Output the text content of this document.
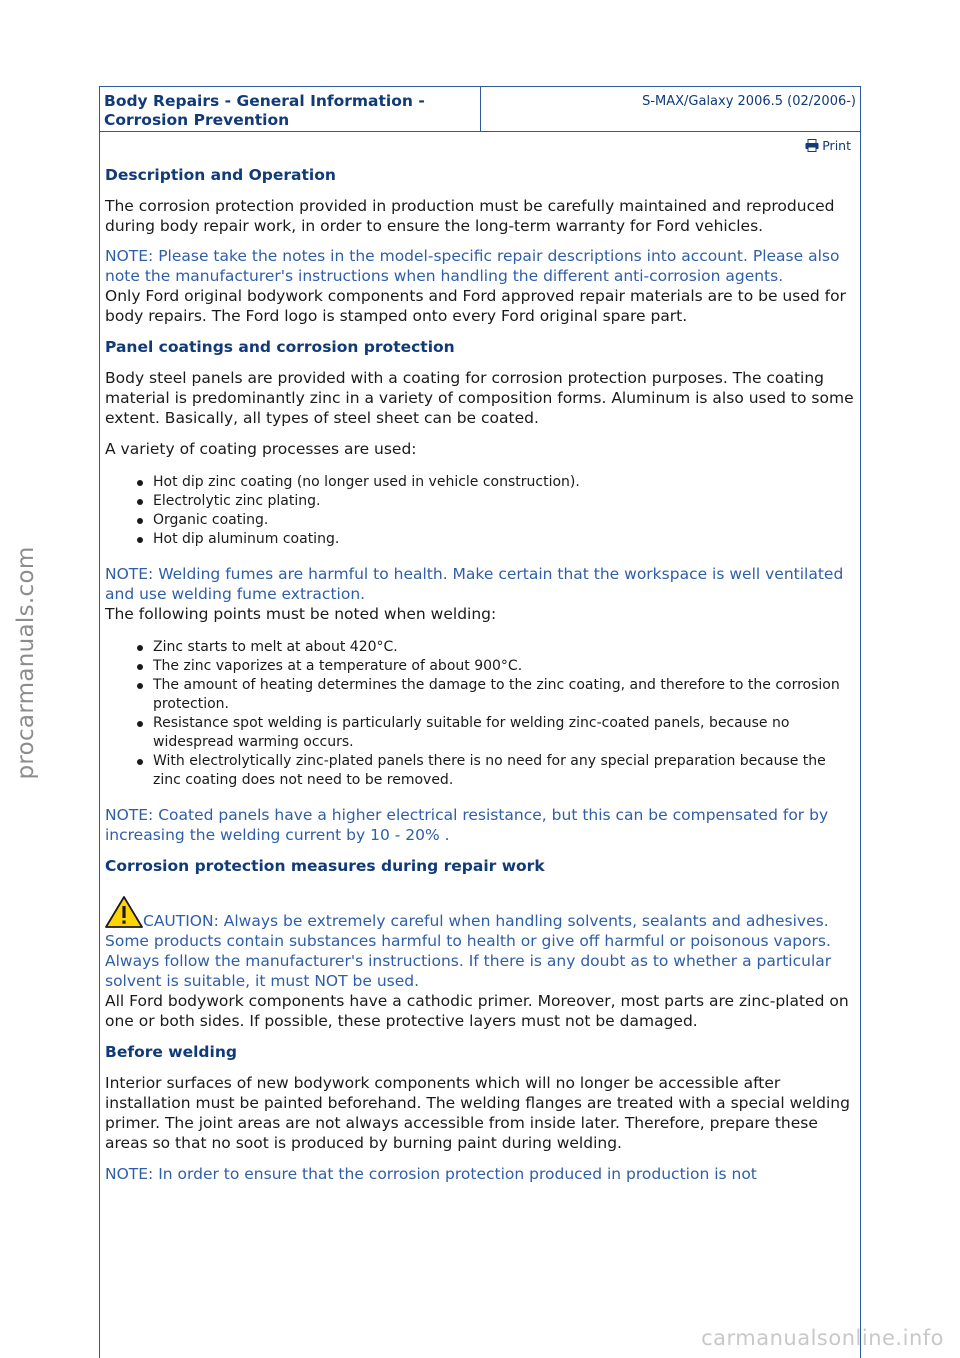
Body Repairs - General Information - Corrosion Prevention
S-MAX/Galaxy 2006.5 (02/2006-)
Print
Description and Operation

The corrosion protection provided in production must be carefully maintained and reproduced during body repair work, in order to ensure the long-term warranty for Ford vehicles.

NOTE: Please take the notes in the model-specific repair descriptions into account. Please also note the manufacturer's instructions when handling the different anti-corrosion agents.

Only Ford original bodywork components and Ford approved repair materials are to be used for body repairs. The Ford logo is stamped onto every Ford original spare part.

Panel coatings and corrosion protection

Body steel panels are provided with a coating for corrosion protection purposes. The coating material is predominantly zinc in a variety of composition forms. Aluminum is also used to some extent. Basically, all types of steel sheet can be coated.

A variety of coating processes are used:

Hot dip zinc coating (no longer used in vehicle construction).
Electrolytic zinc plating.
Organic coating.
Hot dip aluminum coating.

NOTE: Welding fumes are harmful to health. Make certain that the workspace is well ventilated and use welding fume extraction.

The following points must be noted when welding:

Zinc starts to melt at about 420°C.
The zinc vaporizes at a temperature of about 900°C.
The amount of heating determines the damage to the zinc coating, and therefore to the corrosion protection.
Resistance spot welding is particularly suitable for welding zinc-coated panels, because no widespread warming occurs.
With electrolytically zinc-plated panels there is no need for any special preparation because the zinc coating does not need to be removed.

NOTE: Coated panels have a higher electrical resistance, but this can be compensated for by increasing the welding current by 10 - 20% .

Corrosion protection measures during repair work

CAUTION: Always be extremely careful when handling solvents, sealants and adhesives. Some products contain substances harmful to health or give off harmful or poisonous vapors. Always follow the manufacturer's instructions. If there is any doubt as to whether a particular solvent is suitable, it must NOT be used.

All Ford bodywork components have a cathodic primer. Moreover, most parts are zinc-plated on one or both sides. If possible, these protective layers must not be damaged.

Before welding

Interior surfaces of new bodywork components which will no longer be accessible after installation must be painted beforehand. The welding flanges are treated with a special welding primer. The joint areas are not always accessible from inside later. Therefore, prepare these areas so that no soot is produced by burning paint during welding.

NOTE: In order to ensure that the corrosion protection produced in production is not

procarmanuals.com
carmanualsonline.info
